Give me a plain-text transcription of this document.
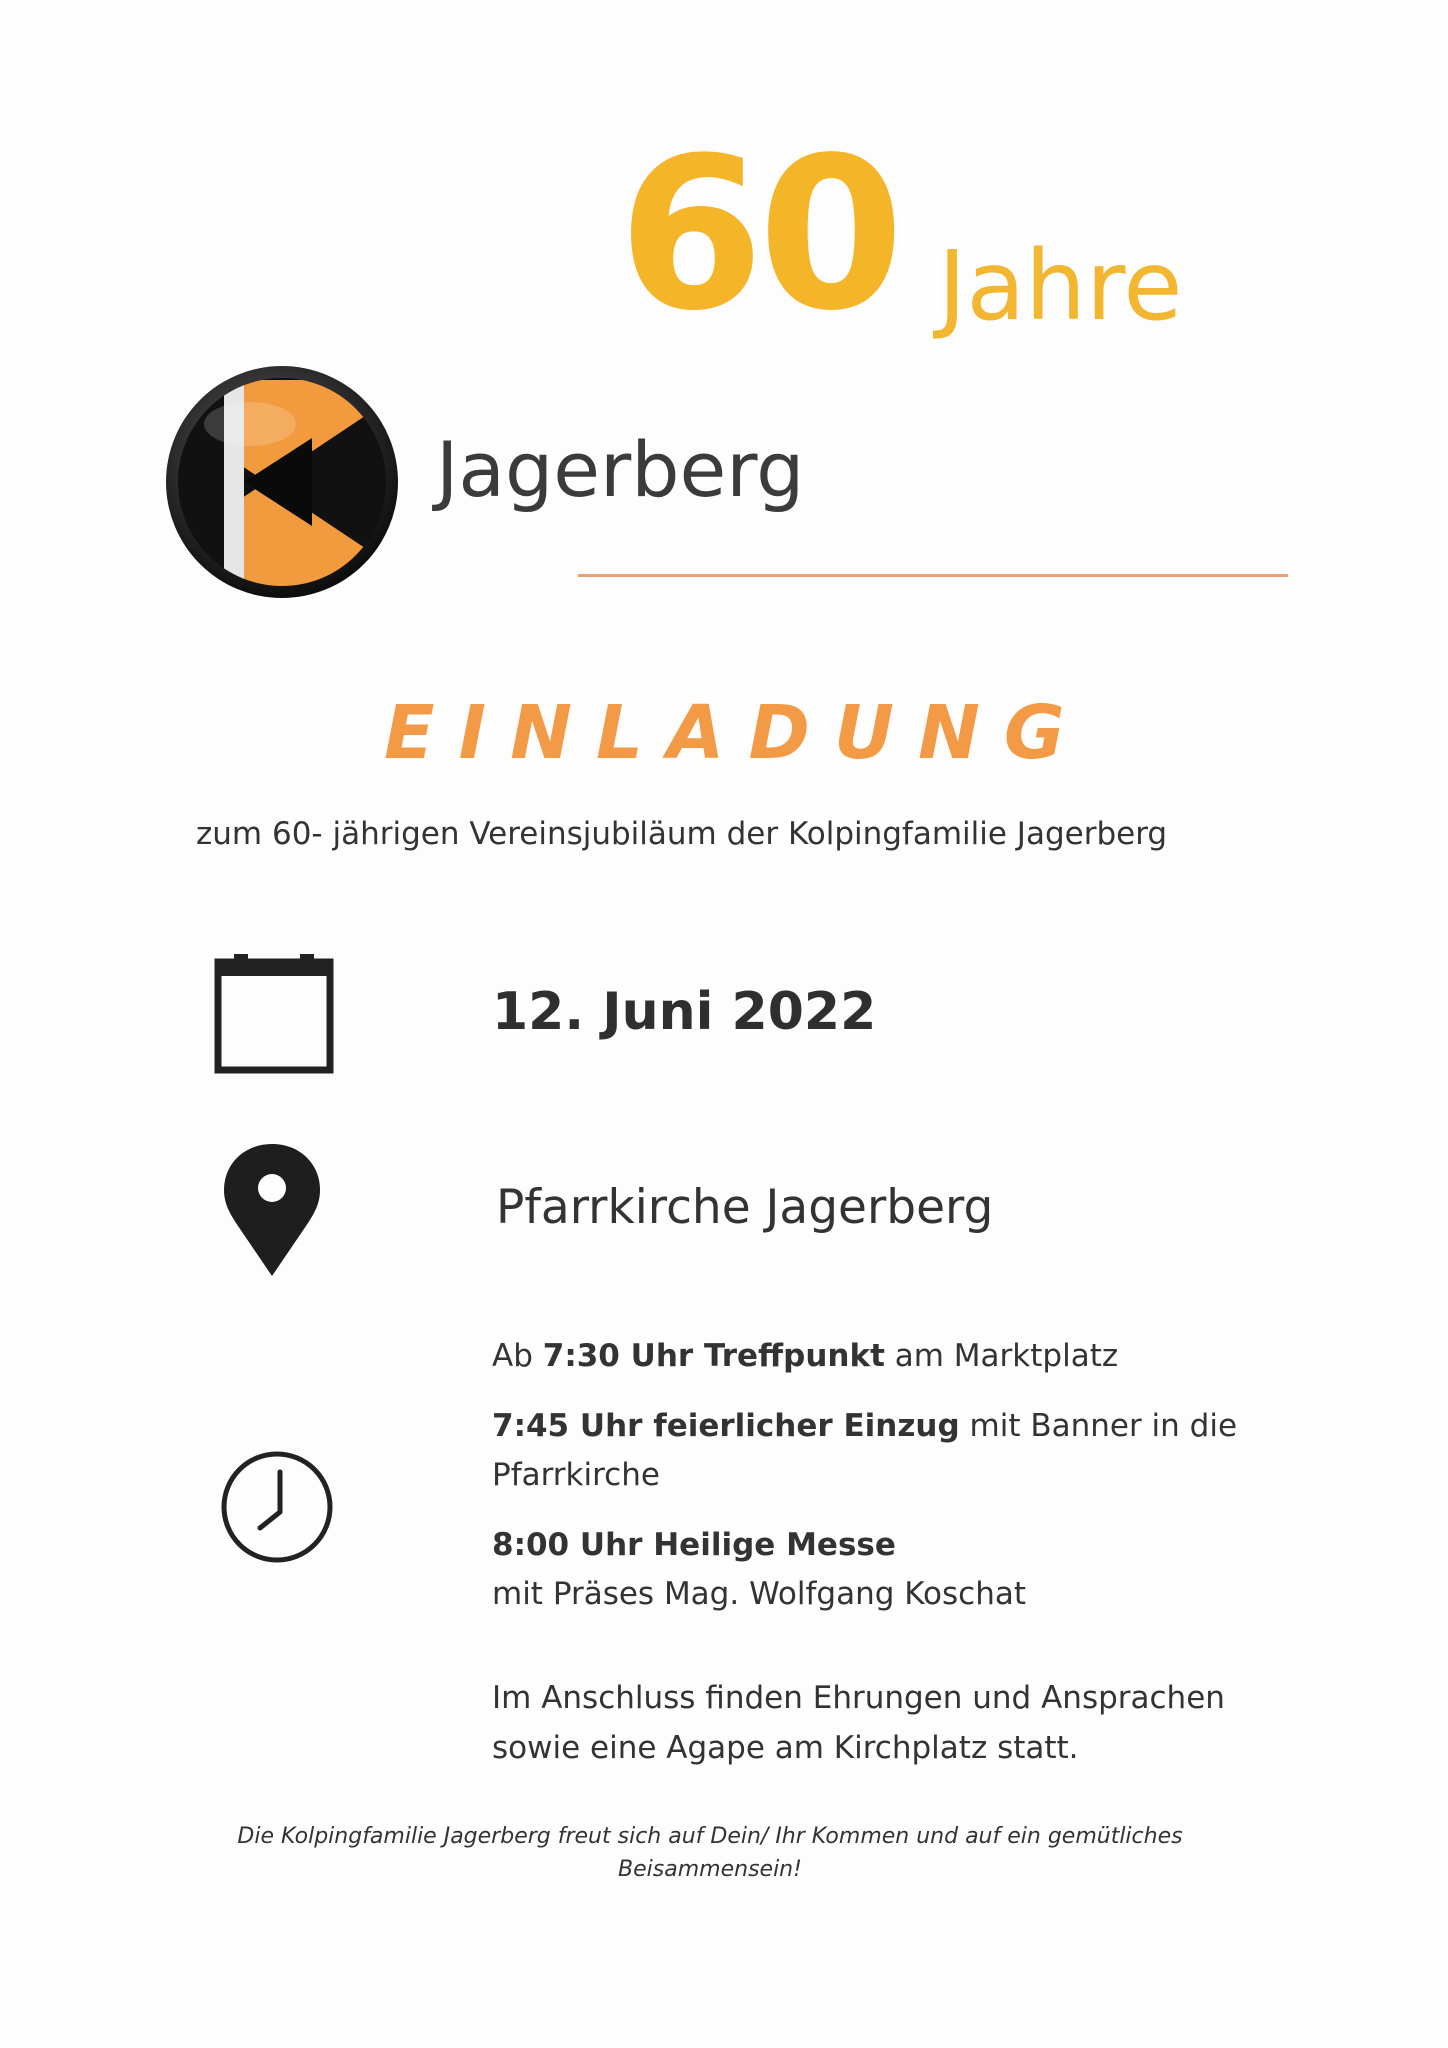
60 Jahre
Jagerberg
EINLADUNG
zum 60- jährigen Vereinsjubiläum der Kolpingfamilie Jagerberg
12. Juni 2022
Pfarrkirche Jagerberg

Ab 7:30 Uhr Treffpunkt am Marktplatz

7:45 Uhr feierlicher Einzug mit Banner in die Pfarrkirche

8:00 Uhr Heilige Messe
mit Präses Mag. Wolfgang Koschat

Im Anschluss finden Ehrungen und Ansprachen
sowie eine Agape am Kirchplatz statt.

Die Kolpingfamilie Jagerberg freut sich auf Dein/ Ihr Kommen und auf ein gemütliches
Beisammensein!
